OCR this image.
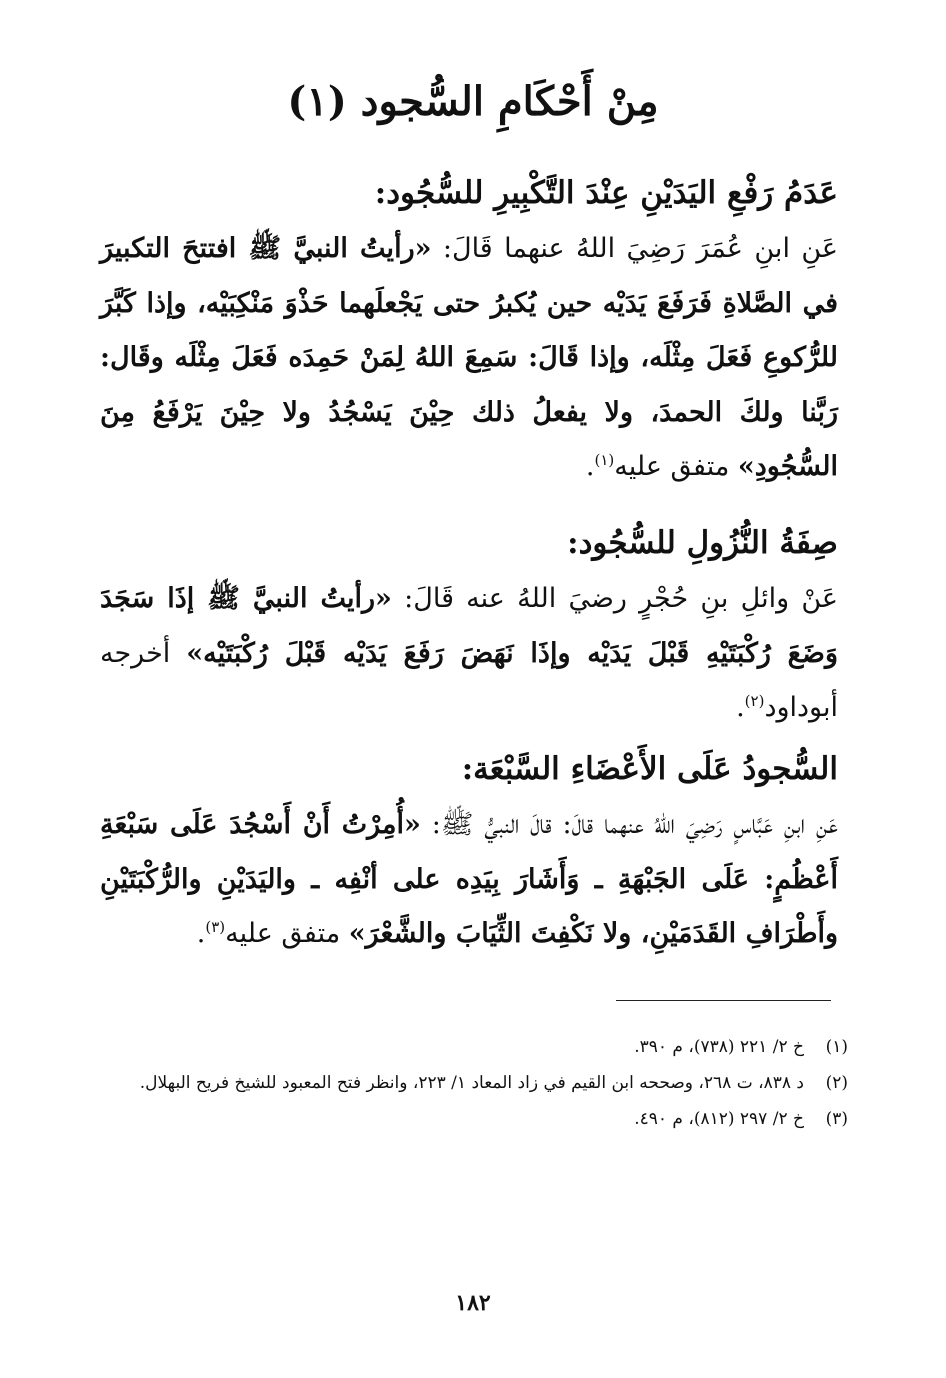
مِنْ أَحْكَامِ السُّجود (١)
عَدَمُ رَفْعِ اليَدَيْنِ عِنْدَ التَّكْبِيرِ للسُّجُود:

عَنِ ابنِ عُمَرَ رَضِيَ اللهُ عنهما قَالَ: «رأيتُ النبيَّ ﷺ افتتحَ التكبيرَ في الصَّلاةِ فَرَفَعَ يَدَيْه حين يُكبرُ حتى يَجْعلَهما حَذْوَ مَنْكِبَيْه، وإذا كَبَّرَ للرُّكوعِ فَعَلَ مِثْلَه، وإذا قَالَ: سَمِعَ اللهُ لِمَنْ حَمِدَه فَعَلَ مِثْلَه وقَال: رَبَّنا ولكَ الحمدَ، ولا يفعلُ ذلك حِيْنَ يَسْجُدُ ولا حِيْنَ يَرْفَعُ مِنَ السُّجُودِ» متفق عليه$^{(١)}$.

صِفَةُ النُّزُولِ للسُّجُود:

عَنْ وائلِ بنِ حُجْرٍ رضيَ اللهُ عنه قَالَ: «رأيتُ النبيَّ ﷺ إذَا سَجَدَ وَضَعَ رُكْبَتَيْهِ قَبْلَ يَدَيْه وإذَا نَهَضَ رَفَعَ يَدَيْه قَبْلَ رُكْبَتَيْه» أخرجه أبوداود$^{(٢)}$.

السُّجودُ عَلَى الأَعْضَاءِ السَّبْعَة:

عَنِ ابنِ عَبَّاسٍ رَضِيَ اللهُ عنهما قالَ: قالَ النبيُّ ﷺ: «أُمِرْتُ أَنْ أَسْجُدَ عَلَى سَبْعَةِ أَعْظُمٍ: عَلَى الجَبْهَةِ ـ وَأَشَارَ بِيَدِه على أنْفِه ـ واليَدَيْنِ والرُّكْبَتَيْنِ وأَطْرَافِ القَدَمَيْنِ، ولا نَكْفِتَ الثِّيَابَ والشَّعْرَ» متفق عليه$^{(٣)}$.

(١)
خ ٢/ ٢٢١ (٧٣٨)، م ٣٩٠.

(٢)
د ٨٣٨، ت ٢٦٨، وصححه ابن القيم في زاد المعاد ١/ ٢٢٣، وانظر فتح المعبود للشيخ فريح البهلال.

(٣)
خ ٢/ ٢٩٧ (٨١٢)، م ٤٩٠.

١٨٢
